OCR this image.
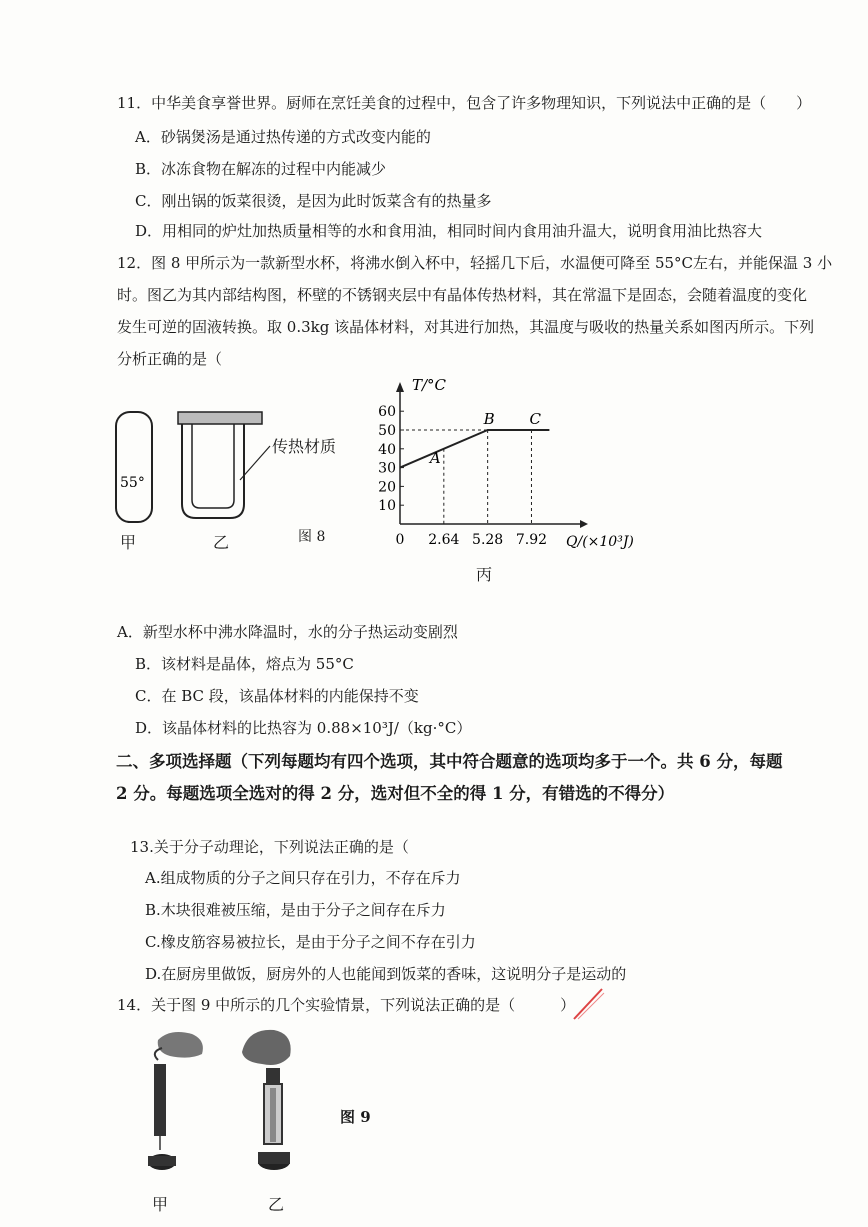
11．中华美食享誉世界。厨师在烹饪美食的过程中，包含了许多物理知识，下列说法中正确的是（　　）
A．砂锅煲汤是通过热传递的方式改变内能的
B．冰冻食物在解冻的过程中内能减少
C．刚出锅的饭菜很烫，是因为此时饭菜含有的热量多
D．用相同的炉灶加热质量相等的水和食用油，相同时间内食用油升温大，说明食用油比热容大
12．图 8 甲所示为一款新型水杯，将沸水倒入杯中，轻摇几下后，水温便可降至 55°C左右，并能保温 3 小
时。图乙为其内部结构图，杯壁的不锈钢夹层中有晶体传热材料，其在常温下是固态，会随着温度的变化
发生可逆的固液转换。取 0.3kg 该晶体材料，对其进行加热，其温度与吸收的热量关系如图丙所示。下列
分析正确的是（
55°
传热材质
甲	乙	图 8
T/°C
Q/(×10³J)
10
20
30
40
50
60
0 2.64 5.28 7.92
A
B C
丙
A．新型水杯中沸水降温时，水的分子热运动变剧烈
B．该材料是晶体，熔点为 55°C
C．在 BC 段，该晶体材料的内能保持不变
D．该晶体材料的比热容为 0.88×10³J/（kg·°C）
二、多项选择题（下列每题均有四个选项，其中符合题意的选项均多于一个。共 6 分，每题
2 分。每题选项全选对的得 2 分，选对但不全的得 1 分，有错选的不得分）
13.关于分子动理论，下列说法正确的是（
A.组成物质的分子之间只存在引力，不存在斥力
B.木块很难被压缩，是由于分子之间存在斥力
C.橡皮筋容易被拉长，是由于分子之间不存在引力
D.在厨房里做饭，厨房外的人也能闻到饭菜的香味，这说明分子是运动的
14．关于图 9 中所示的几个实验情景，下列说法正确的是（　　　）
图 9
甲	乙
